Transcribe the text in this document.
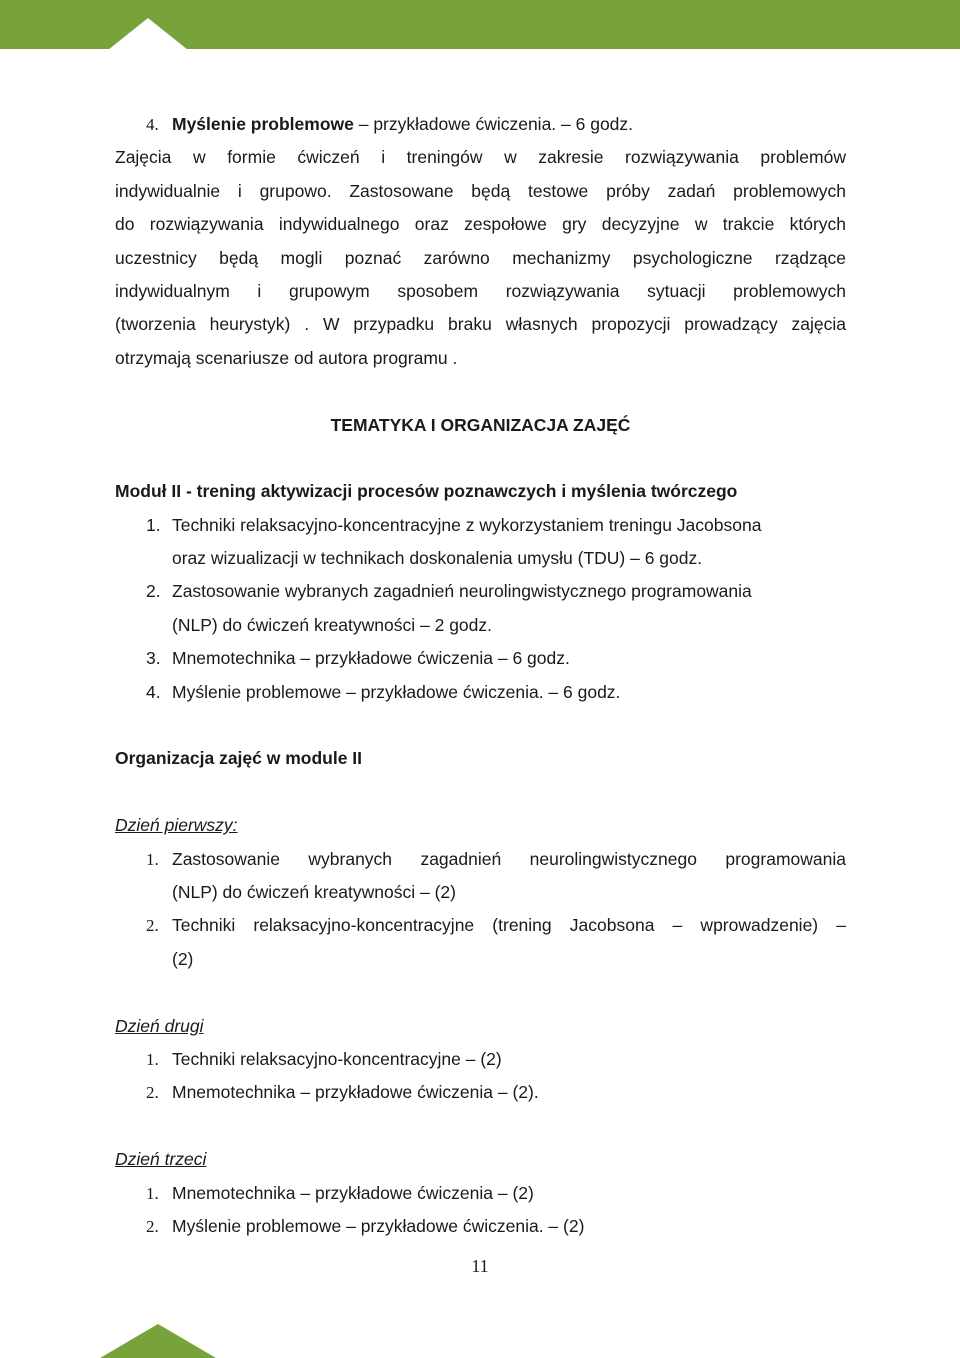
4. Myślenie problemowe – przykładowe ćwiczenia. – 6 godz.
Zajęcia w formie ćwiczeń i treningów w zakresie rozwiązywania problemów
indywidualnie i grupowo. Zastosowane będą testowe próby zadań problemowych
do rozwiązywania indywidualnego oraz zespołowe gry decyzyjne w trakcie których
uczestnicy będą mogli poznać zarówno mechanizmy psychologiczne rządzące
indywidualnym i grupowym sposobem rozwiązywania sytuacji problemowych
(tworzenia heurystyk) . W przypadku braku własnych propozycji prowadzący zajęcia
otrzymają scenariusze od autora programu .
TEMATYKA I ORGANIZACJA ZAJĘĆ
Moduł II - trening aktywizacji procesów poznawczych i myślenia twórczego
1. Techniki relaksacyjno-koncentracyjne z wykorzystaniem treningu Jacobsona
oraz wizualizacji w technikach doskonalenia umysłu (TDU) – 6 godz.
2. Zastosowanie wybranych zagadnień neurolingwistycznego programowania
(NLP) do ćwiczeń kreatywności – 2 godz.
3. Mnemotechnika – przykładowe ćwiczenia – 6 godz.
4. Myślenie problemowe – przykładowe ćwiczenia. – 6 godz.
Organizacja zajęć w module II
Dzień pierwszy:
1. Zastosowanie wybranych zagadnień neurolingwistycznego programowania
(NLP) do ćwiczeń kreatywności – (2)
2. Techniki relaksacyjno-koncentracyjne (trening Jacobsona – wprowadzenie) –
(2)
Dzień drugi
1. Techniki relaksacyjno-koncentracyjne – (2)
2. Mnemotechnika – przykładowe ćwiczenia – (2).
Dzień trzeci
1. Mnemotechnika – przykładowe ćwiczenia – (2)
2. Myślenie problemowe – przykładowe ćwiczenia. – (2)
11
